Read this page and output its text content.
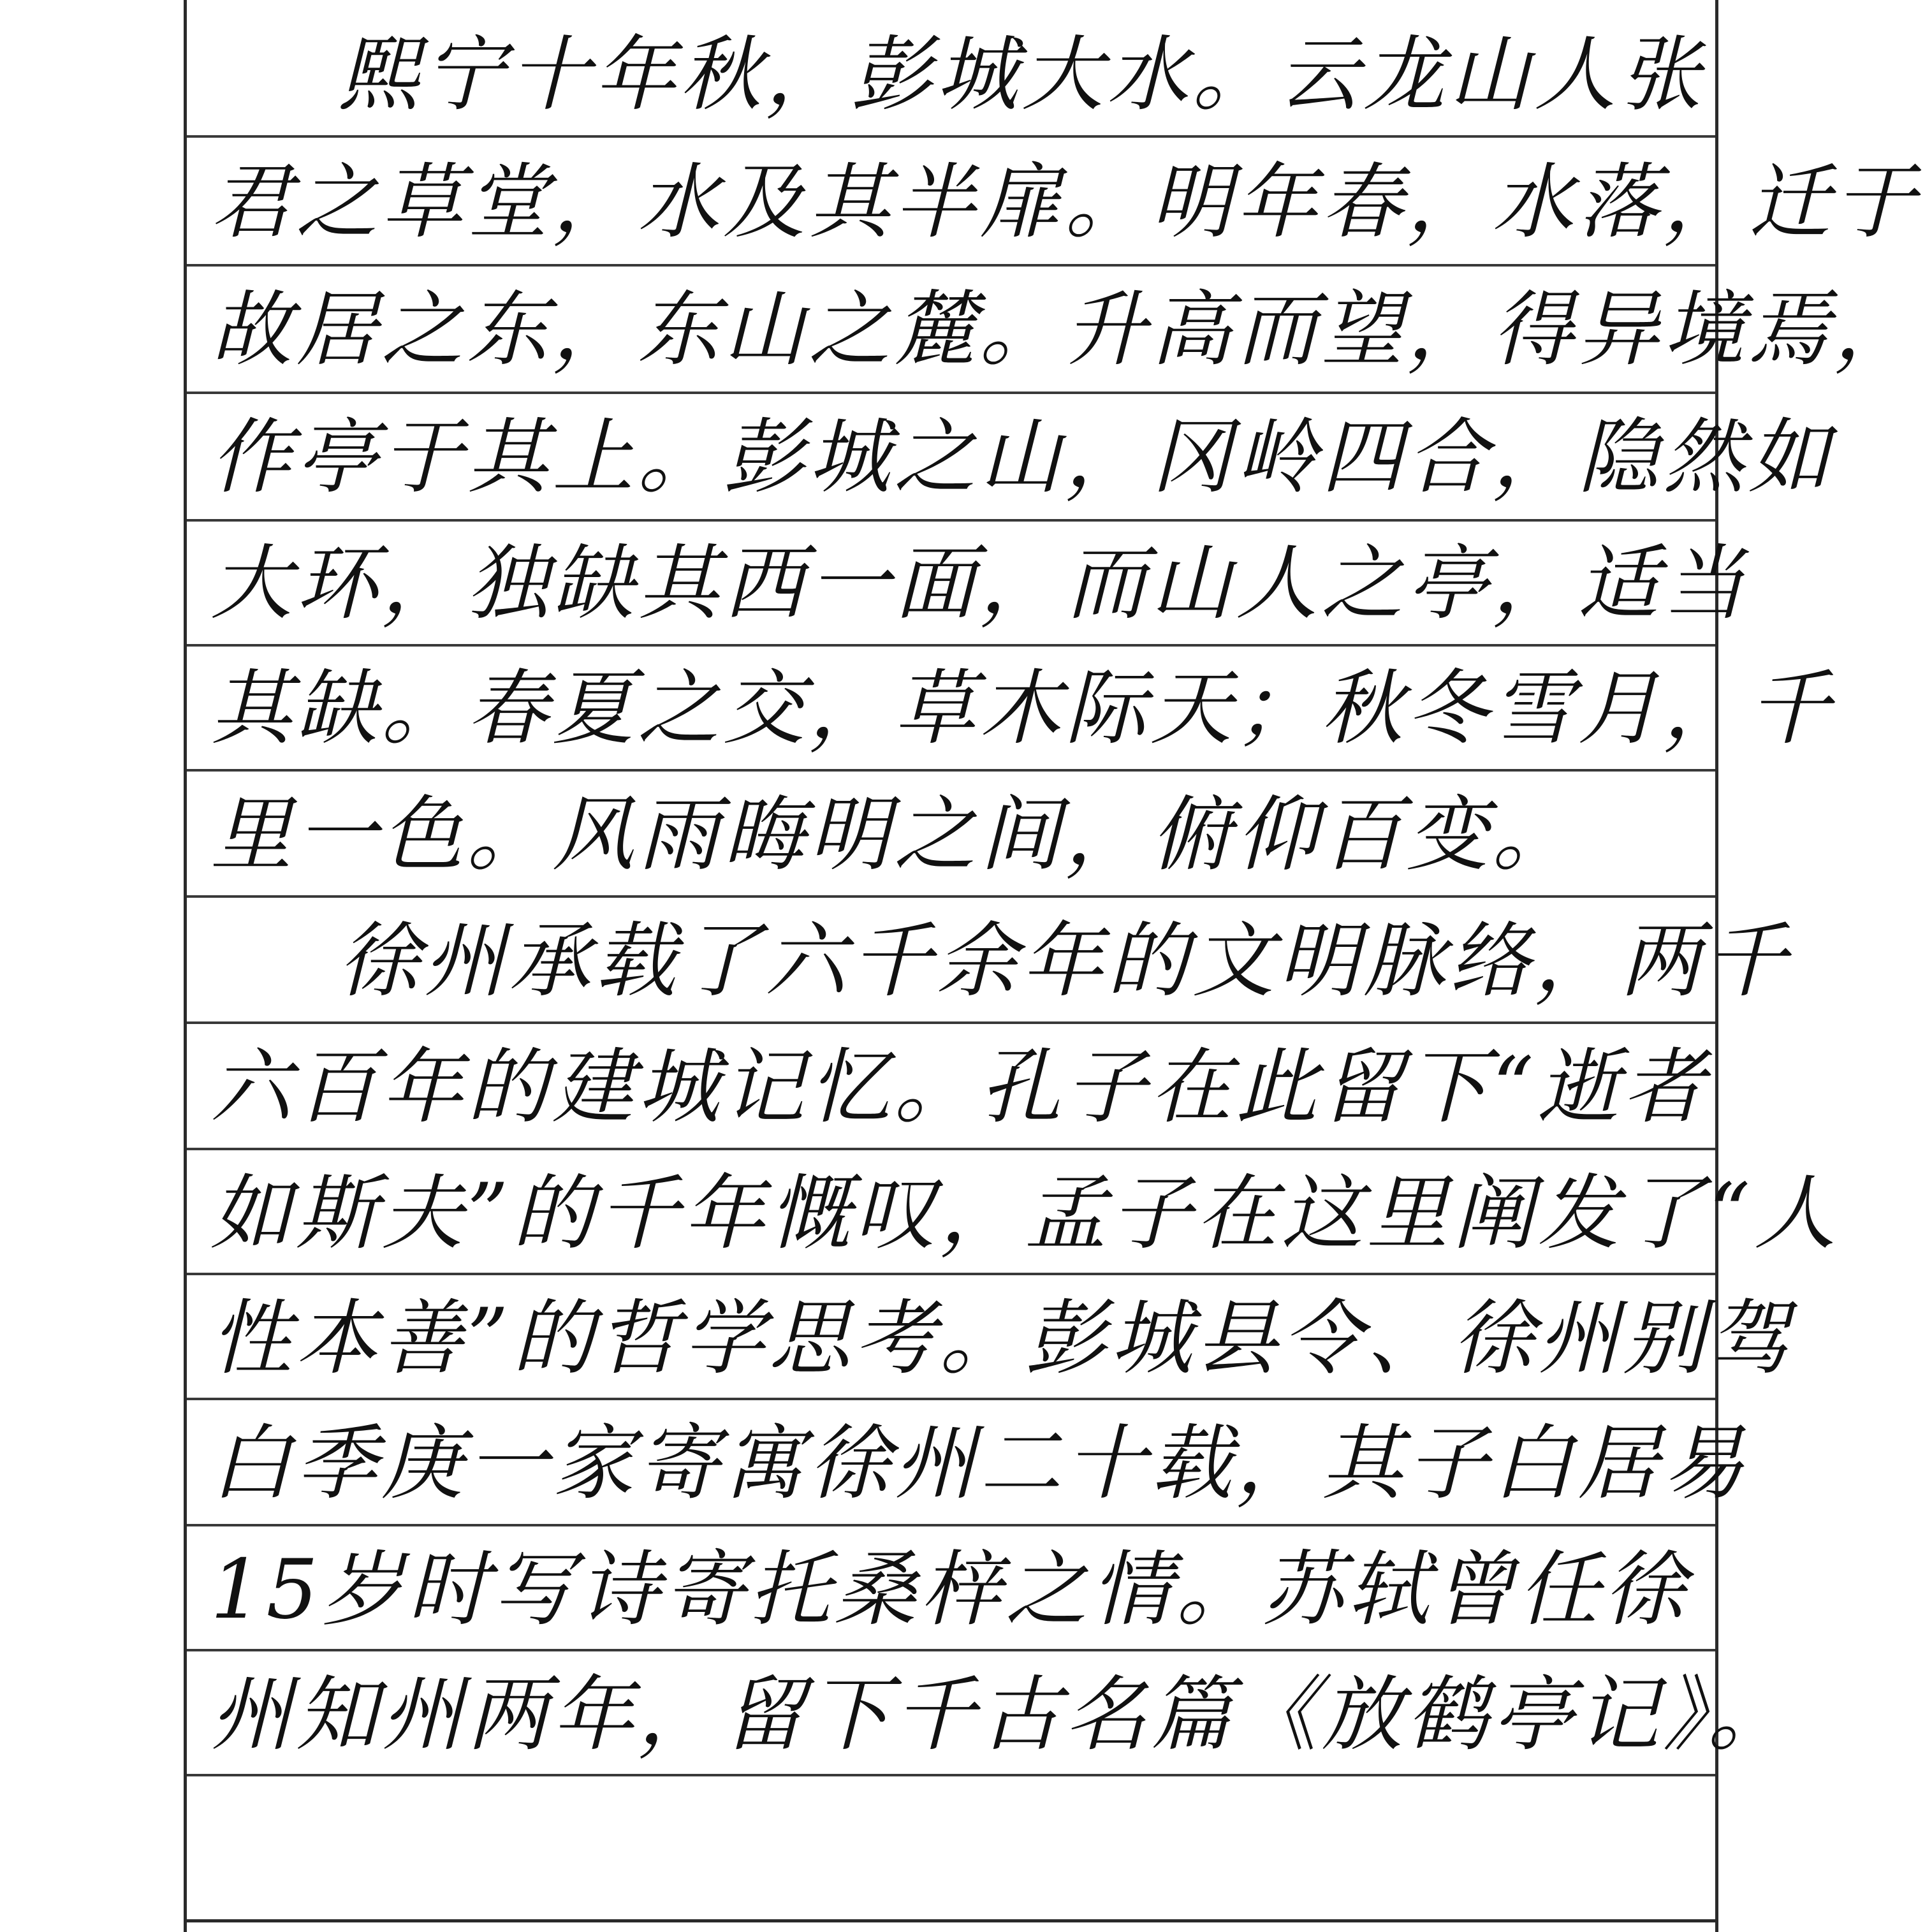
熙宁十年秋，彭城大水。云龙山人张
君之草堂，水及其半扉。明年春，水落，迁于
故居之东，东山之麓。升高而望，得异境焉，
作亭于其上。彭城之山，冈岭四合，隐然如
大环，独缺其西一面，而山人之亭，适当
其缺。春夏之交，草木际天；秋冬雪月，千
里一色。风雨晦明之间，俯仰百变。
徐州承载了六千余年的文明脉络，两千
六百年的建城记忆。孔子在此留下“逝者
如斯夫”的千年慨叹，孟子在这里阐发了“人
性本善”的哲学思考。彭城县令、徐州别驾
白季庚一家寄寓徐州二十载，其子白居易
15岁时写诗寄托桑梓之情。苏轼曾任徐
州知州两年，留下千古名篇《放鹤亭记》。
